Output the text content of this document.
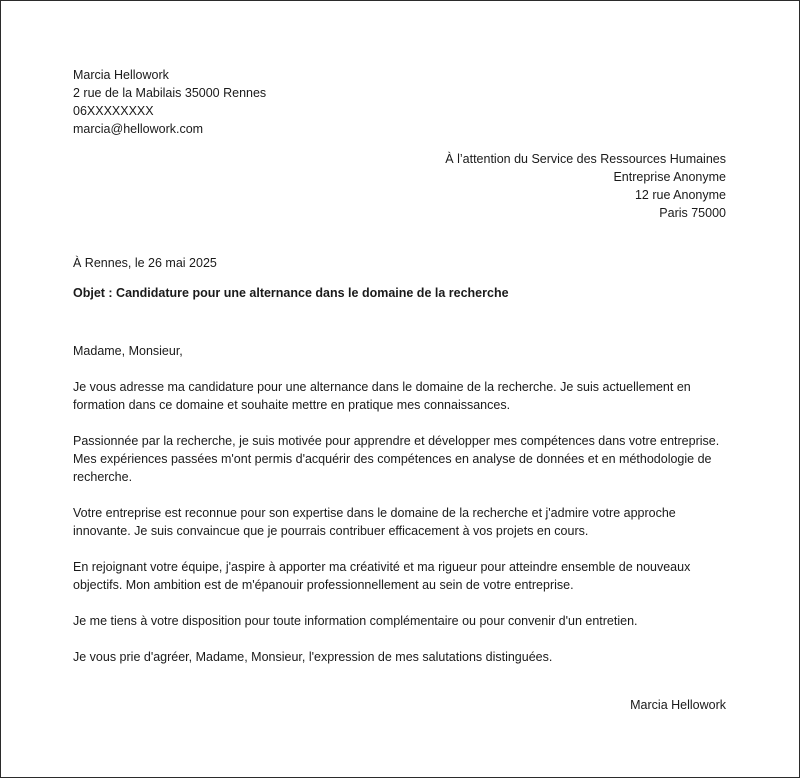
Marcia Hellowork
2 rue de la Mabilais 35000 Rennes
06XXXXXXXX
marcia@hellowork.com
À l’attention du Service des Ressources Humaines
Entreprise Anonyme
12 rue Anonyme
Paris 75000
À Rennes, le 26 mai 2025
Objet : Candidature pour une alternance dans le domaine de la recherche

Madame, Monsieur,

Je vous adresse ma candidature pour une alternance dans le domaine de la recherche. Je suis actuellement en formation dans ce domaine et souhaite mettre en pratique mes connaissances.

Passionnée par la recherche, je suis motivée pour apprendre et développer mes compétences dans votre entreprise. Mes expériences passées m'ont permis d'acquérir des compétences en analyse de données et en méthodologie de recherche.

Votre entreprise est reconnue pour son expertise dans le domaine de la recherche et j'admire votre approche innovante. Je suis convaincue que je pourrais contribuer efficacement à vos projets en cours.

En rejoignant votre équipe, j'aspire à apporter ma créativité et ma rigueur pour atteindre ensemble de nouveaux objectifs. Mon ambition est de m'épanouir professionnellement au sein de votre entreprise.

Je me tiens à votre disposition pour toute information complémentaire ou pour convenir d'un entretien.

Je vous prie d'agréer, Madame, Monsieur, l'expression de mes salutations distinguées.

Marcia Hellowork
